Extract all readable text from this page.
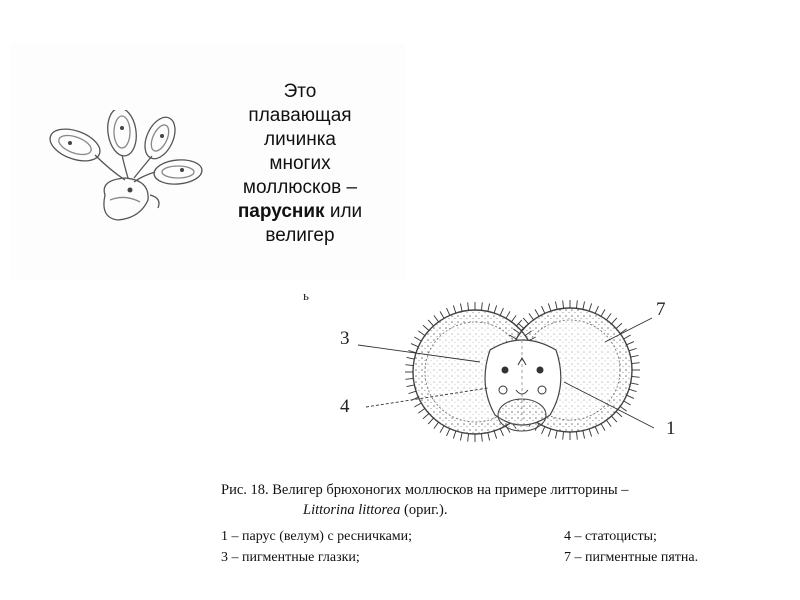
Это
плавающая
личинка
многих
моллюсков –
парусник или
велигер
ь
3
4
7
1
Рис. 18. Велигер брюхоногих моллюсков на примере литторины –
Littorina littorea (ориг.).
1 – парус (велум) с ресничками;	4 – статоцисты;
3 – пигментные глазки;	7 – пигментные пятна.
